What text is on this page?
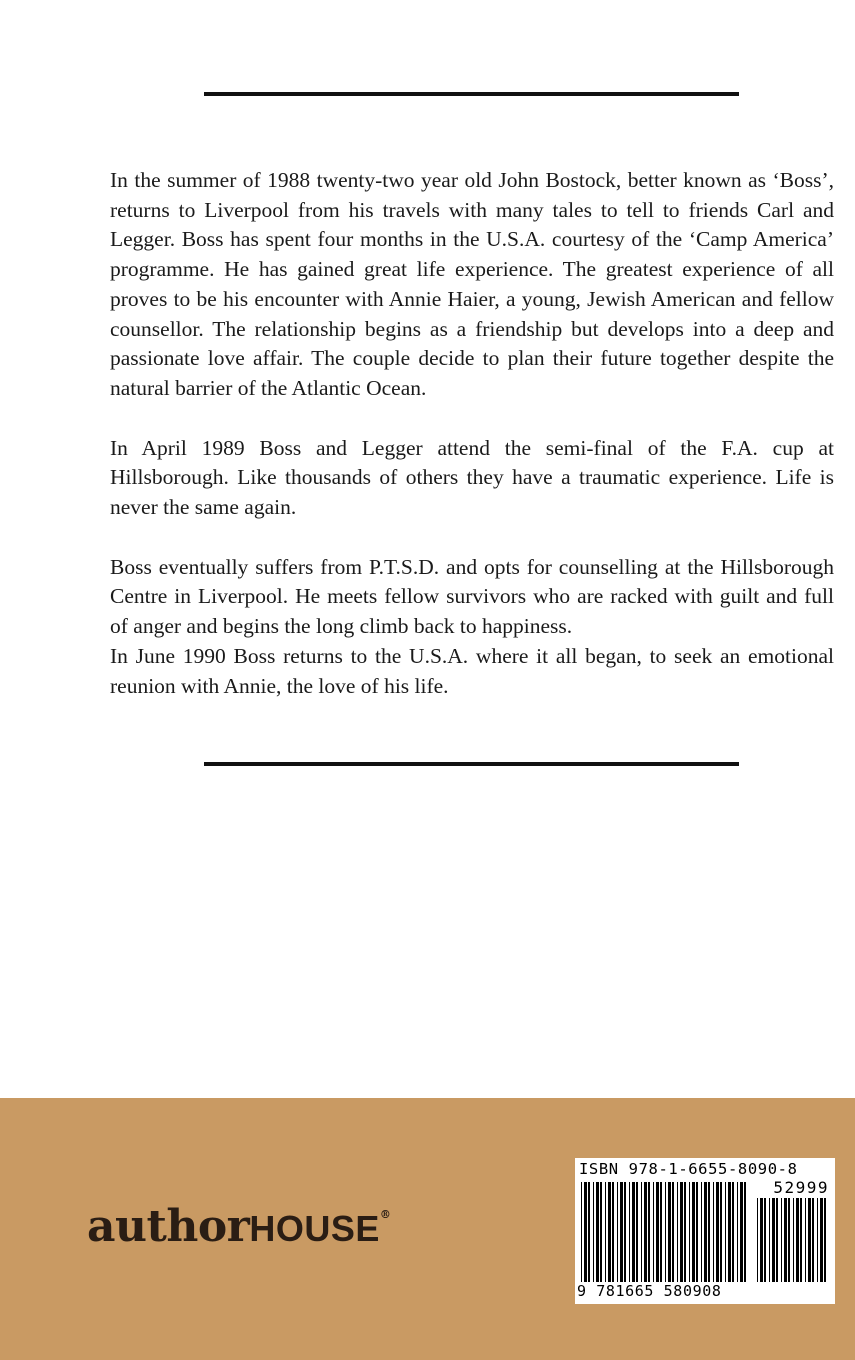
In the summer of 1988 twenty-two year old John Bostock, better known as ‘Boss’, returns to Liverpool from his travels with many tales to tell to friends Carl and Legger. Boss has spent four months in the U.S.A. courtesy of the ‘Camp America’ programme. He has gained great life experience. The greatest experience of all proves to be his encounter with Annie Haier, a young, Jewish American and fellow counsellor. The relationship begins as a friendship but develops into a deep and passionate love affair. The couple decide to plan their future together despite the natural barrier of the Atlantic Ocean.

In April 1989 Boss and Legger attend the semi-final of the F.A. cup at Hillsborough. Like thousands of others they have a traumatic experience. Life is never the same again.

Boss eventually suffers from P.T.S.D. and opts for counselling at the Hillsborough Centre in Liverpool. He meets fellow survivors who are racked with guilt and full of anger and begins the long climb back to happiness.

In June 1990 Boss returns to the U.S.A. where it all began, to seek an emotional reunion with Annie, the love of his life.

authorHOUSE®
ISBN 978-1-6655-8090-8
52999
9 781665 580908
